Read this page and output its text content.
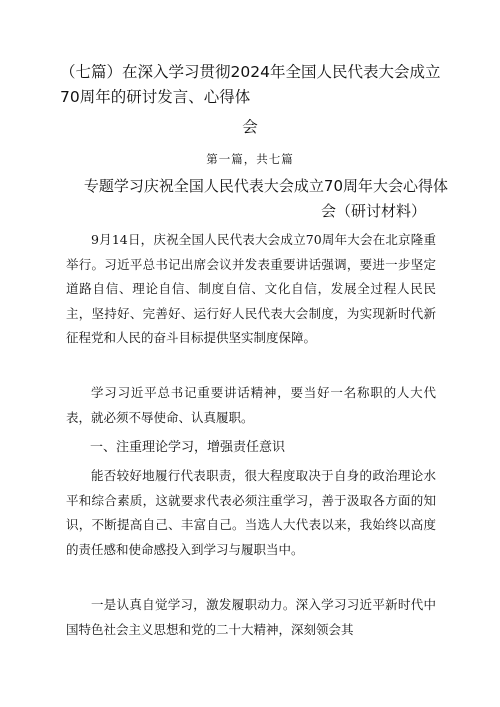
（七篇）在深入学习贯彻2024年全国人民代表大会成立70周年的研讨发言、心得体
会
第一篇，共七篇
专题学习庆祝全国人民代表大会成立70周年大会心得体
会（研讨材料）

9月14日，庆祝全国人民代表大会成立70周年大会在北京隆重举行。习近平总书记出席会议并发表重要讲话强调，要进一步坚定道路自信、理论自信、制度自信、文化自信，发展全过程人民民主，坚持好、完善好、运行好人民代表大会制度，为实现新时代新征程党和人民的奋斗目标提供坚实制度保障。

学习习近平总书记重要讲话精神，要当好一名称职的人大代表，就必须不辱使命、认真履职。

一、注重理论学习，增强责任意识

能否较好地履行代表职责，很大程度取决于自身的政治理论水平和综合素质，这就要求代表必须注重学习，善于汲取各方面的知识，不断提高自己、丰富自己。当选人大代表以来，我始终以高度的责任感和使命感投入到学习与履职当中。

一是认真自觉学习，激发履职动力。深入学习习近平新时代中国特色社会主义思想和党的二十大精神，深刻领会其
